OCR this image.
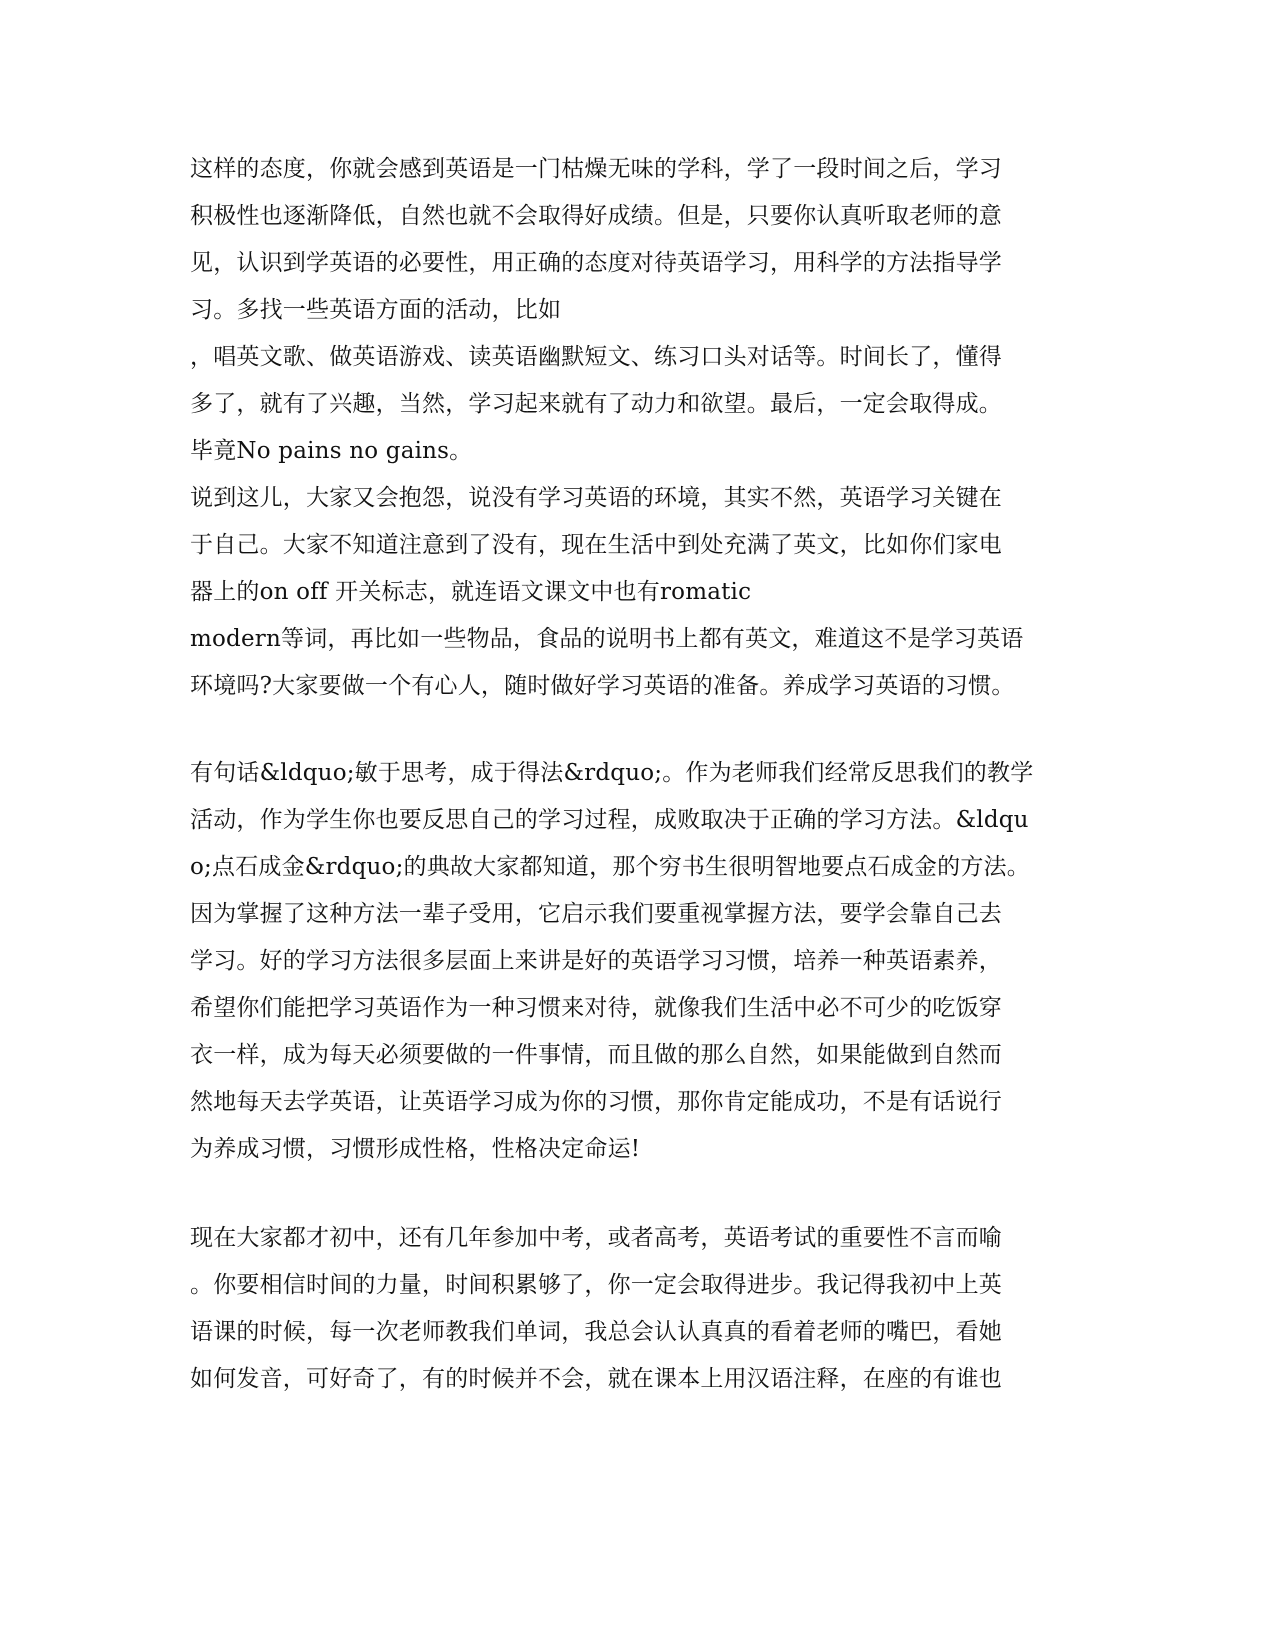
这样的态度，你就会感到英语是一门枯燥无味的学科，学了一段时间之后，学习
积极性也逐渐降低，自然也就不会取得好成绩。但是，只要你认真听取老师的意
见，认识到学英语的必要性，用正确的态度对待英语学习，用科学的方法指导学
习。多找一些英语方面的活动，比如
，唱英文歌、做英语游戏、读英语幽默短文、练习口头对话等。时间长了，懂得
多了，就有了兴趣，当然，学习起来就有了动力和欲望。最后，一定会取得成。
毕竟No pains no gains。
说到这儿，大家又会抱怨，说没有学习英语的环境，其实不然，英语学习关键在
于自己。大家不知道注意到了没有，现在生活中到处充满了英文，比如你们家电
器上的on off 开关标志，就连语文课文中也有romatic
modern等词，再比如一些物品，食品的说明书上都有英文，难道这不是学习英语
环境吗?大家要做一个有心人，随时做好学习英语的准备。养成学习英语的习惯。
有句话&ldquo;敏于思考，成于得法&rdquo;。作为老师我们经常反思我们的教学
活动，作为学生你也要反思自己的学习过程，成败取决于正确的学习方法。&ldqu
o;点石成金&rdquo;的典故大家都知道，那个穷书生很明智地要点石成金的方法。
因为掌握了这种方法一辈子受用，它启示我们要重视掌握方法，要学会靠自己去
学习。好的学习方法很多层面上来讲是好的英语学习习惯，培养一种英语素养，
希望你们能把学习英语作为一种习惯来对待，就像我们生活中必不可少的吃饭穿
衣一样，成为每天必须要做的一件事情，而且做的那么自然，如果能做到自然而
然地每天去学英语，让英语学习成为你的习惯，那你肯定能成功，不是有话说行
为养成习惯，习惯形成性格，性格决定命运!
现在大家都才初中，还有几年参加中考，或者高考，英语考试的重要性不言而喻
。你要相信时间的力量，时间积累够了，你一定会取得进步。我记得我初中上英
语课的时候，每一次老师教我们单词，我总会认认真真的看着老师的嘴巴，看她
如何发音，可好奇了，有的时候并不会，就在课本上用汉语注释，在座的有谁也
